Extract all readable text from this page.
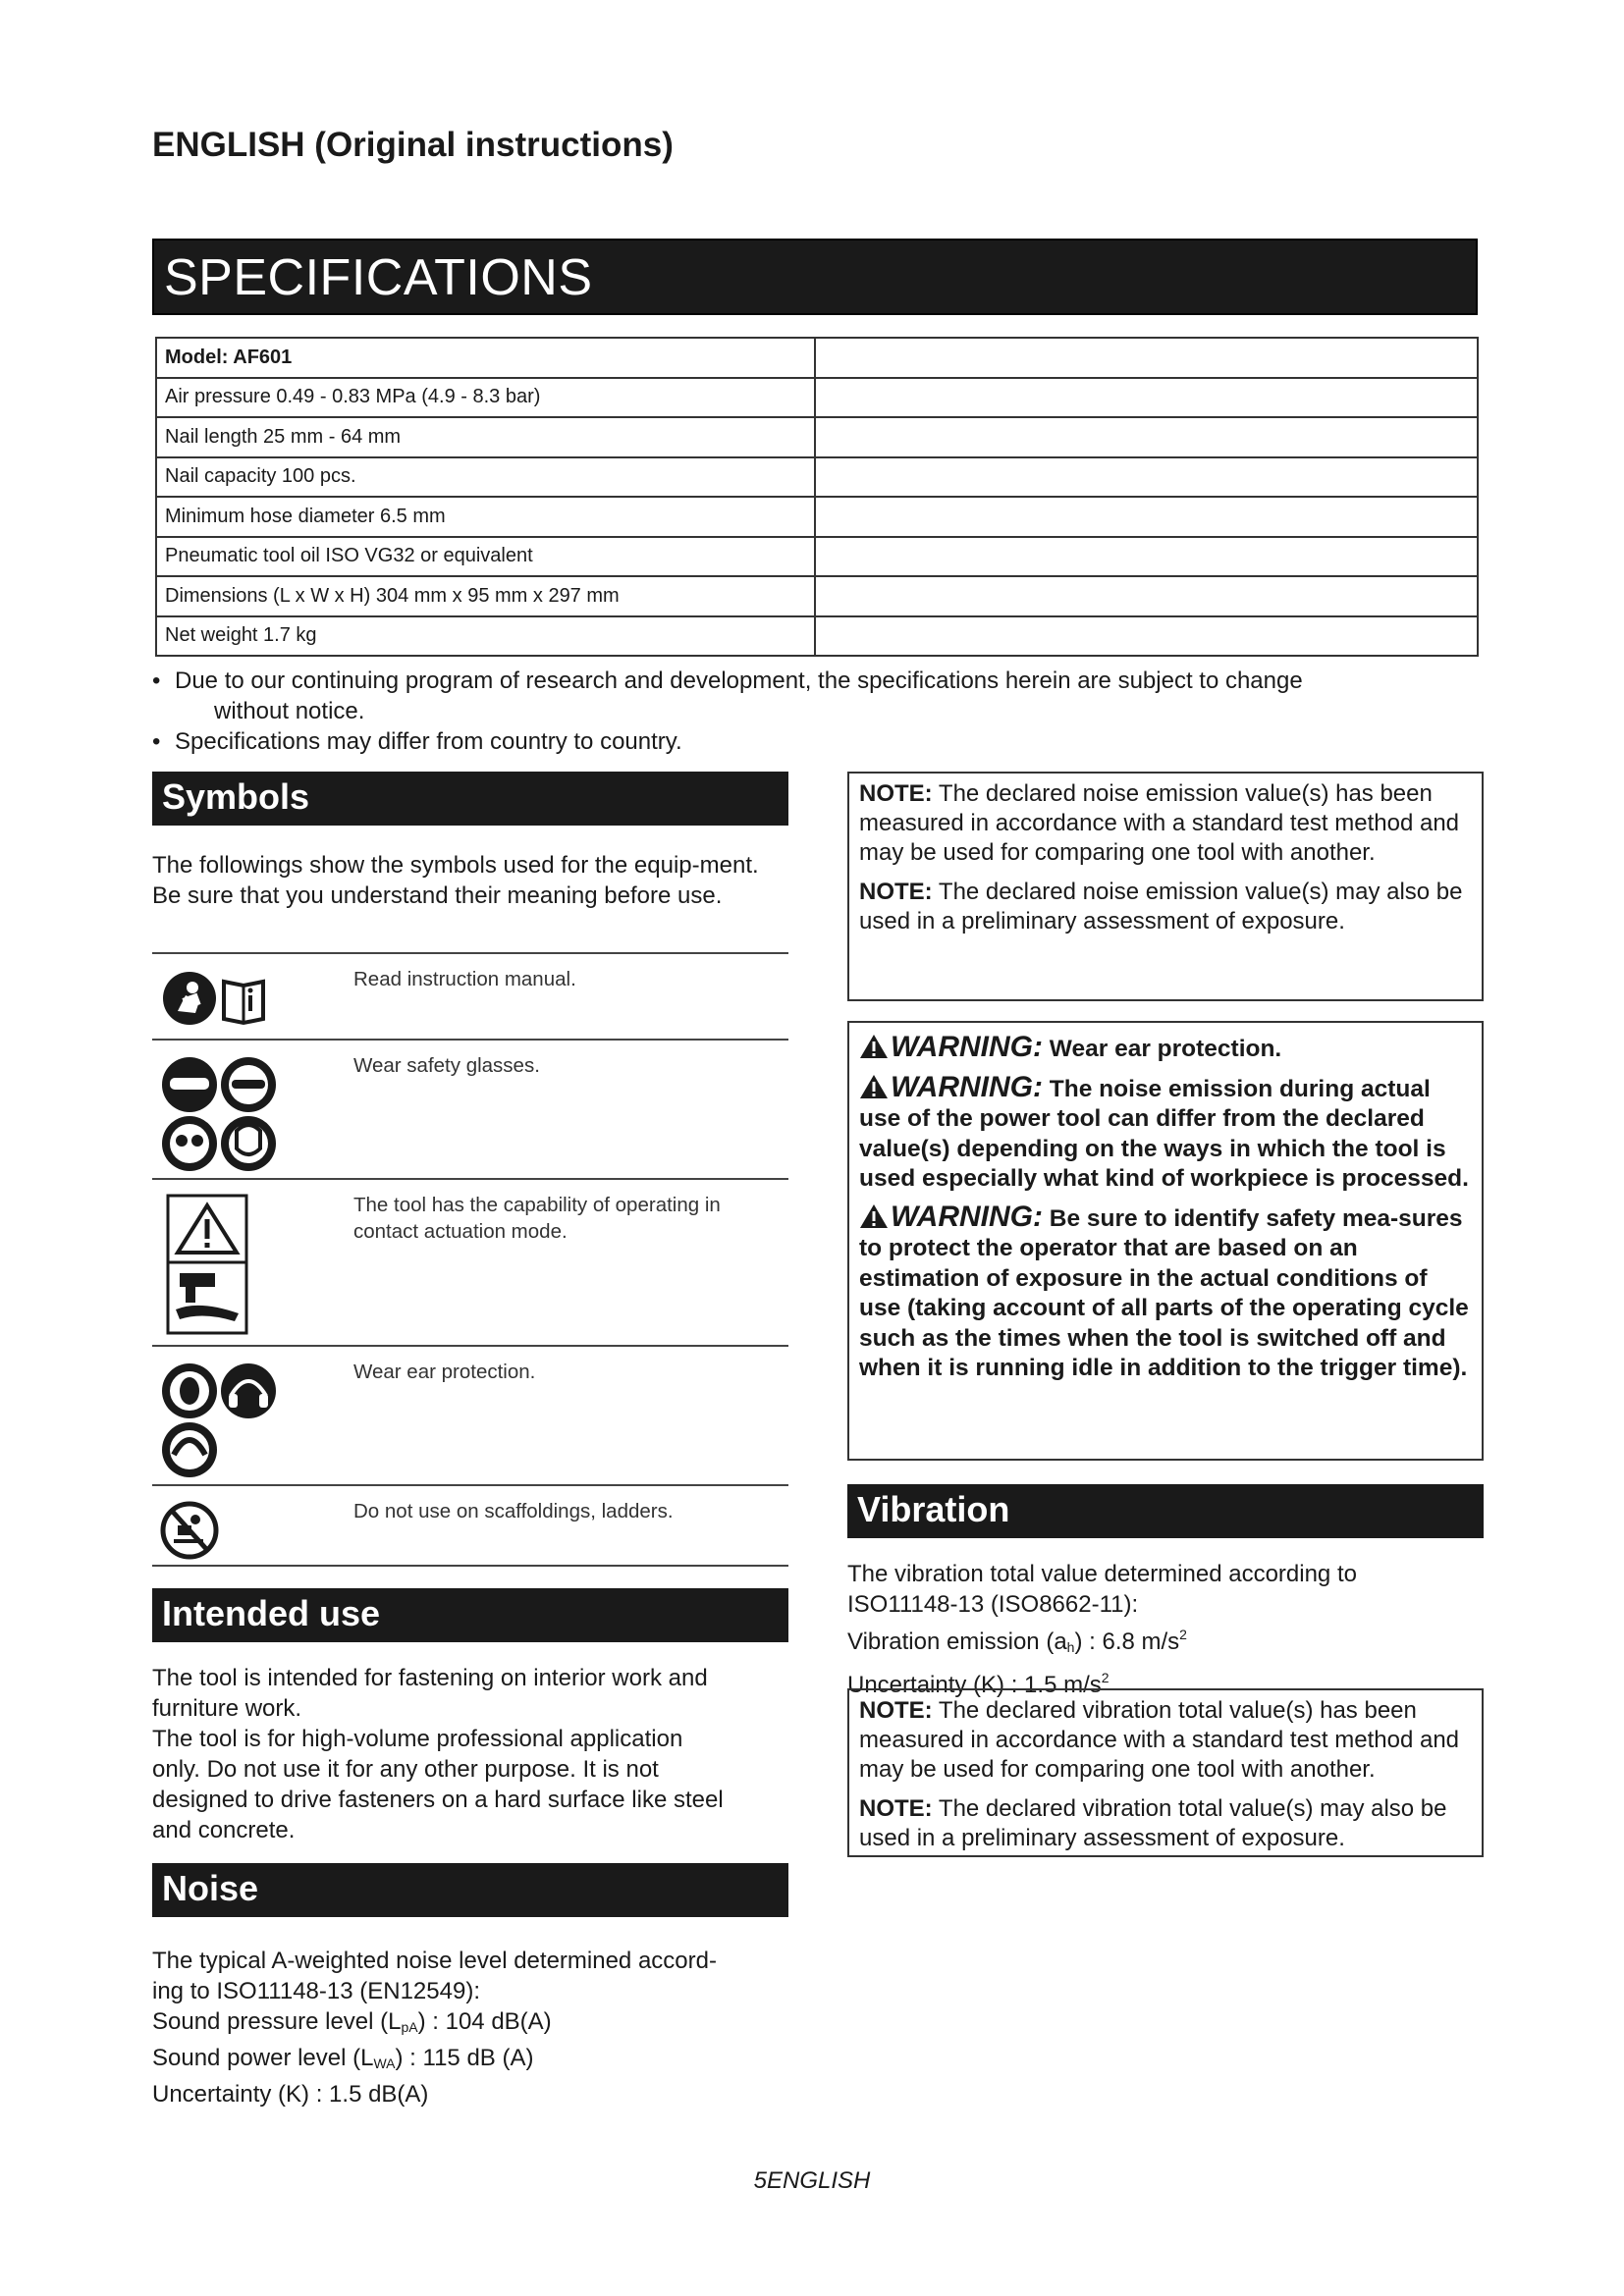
ENGLISH (Original instructions)
SPECIFICATIONS
Model: AF601	
Air pressure 0.49 - 0.83 MPa (4.9 - 8.3 bar)	
Nail length 25 mm - 64 mm	
Nail capacity 100 pcs.	
Minimum hose diameter 6.5 mm	
Pneumatic tool oil ISO VG32 or equivalent	
Dimensions (L x W x H) 304 mm x 95 mm x 297 mm	
Net weight 1.7 kg	
• Due to our continuing program of research and development, the specifications herein are subject to change
without notice.
• Specifications may differ from country to country.
Symbols
The followings show the symbols used for the equip-ment. Be sure that you understand their meaning before use.
Read instruction manual.
Wear safety glasses.
The tool has the capability of operating in contact actuation mode.
Wear ear protection.
Do not use on scaffoldings, ladders.
Intended use
The tool is intended for fastening on interior work and
furniture work.
The tool is for high-volume professional application
only. Do not use it for any other purpose. It is not
designed to drive fasteners on a hard surface like steel
and concrete.
Noise
The typical A-weighted noise level determined accord-
ing to ISO11148-13 (EN12549):
Sound pressure level $(L_{pA})$ : 104 dB(A)
Sound power level $(L_{WA})$ : 115 dB (A)
Uncertainty (K) : 1.5 dB(A)

NOTE: The declared noise emission value(s) has been measured in accordance with a standard test method and may be used for comparing one tool with another.

NOTE: The declared noise emission value(s) may also be used in a preliminary assessment of exposure.

WARNING: Wear ear protection.

WARNING: The noise emission during actual use of the power tool can differ from the declared value(s) depending on the ways in which the tool is used especially what kind of workpiece is processed.

WARNING: Be sure to identify safety mea-sures to protect the operator that are based on an estimation of exposure in the actual conditions of use (taking account of all parts of the operating cycle such as the times when the tool is switched off and when it is running idle in addition to the trigger time).

Vibration
The vibration total value determined according to
ISO11148-13 (ISO8662-11):
Vibration emission $(a_h)$ : 6.8 $m/s^2$
Uncertainty (K) : 1.5 $m/s^2$

NOTE: The declared vibration total value(s) has been measured in accordance with a standard test method and may be used for comparing one tool with another.

NOTE: The declared vibration total value(s) may also be used in a preliminary assessment of exposure.

5ENGLISH
